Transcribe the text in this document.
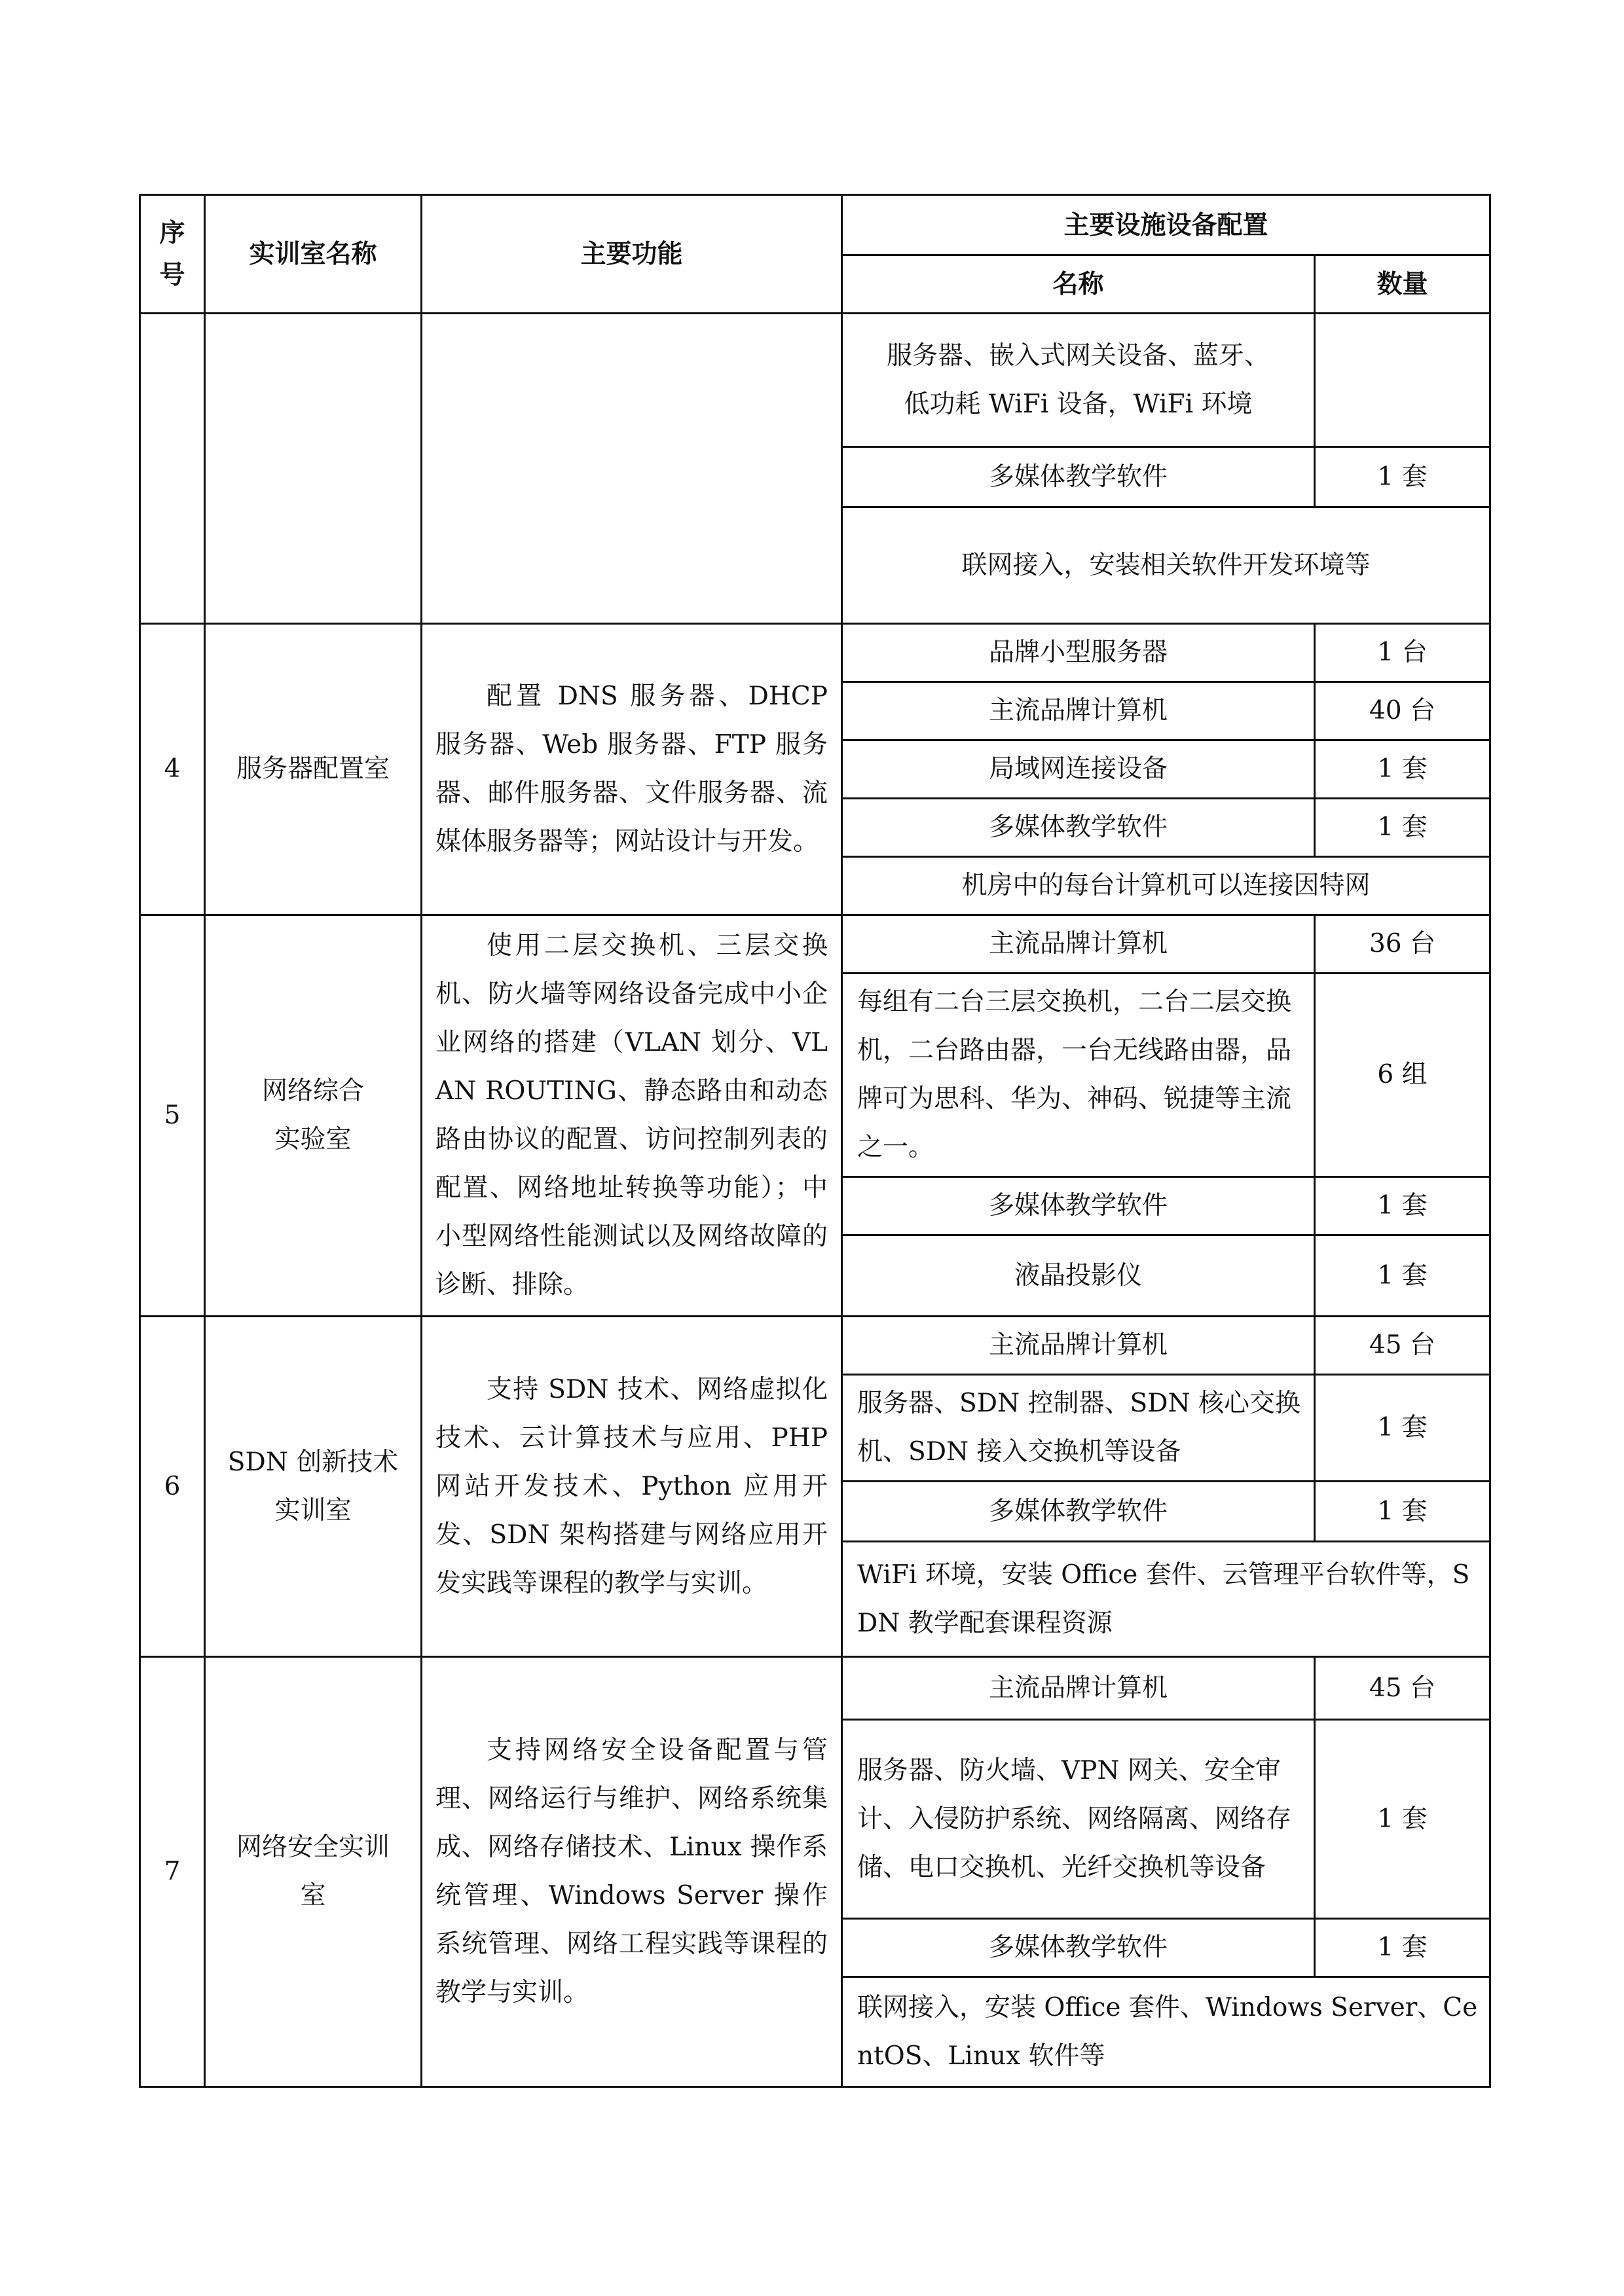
序
号	实训室名称	主要功能	主要设施设备配置	
			名称	数量

			服务器、嵌入式网关设备、蓝牙、
低功耗 WiFi 设备，WiFi 环境	

			多媒体教学软件	1 套
			联网接入，安装相关软件开发环境等	
4	服务器配置室	配置 DNS 服务器、DHCP 服务器、Web 服务器、FTP 服务器、邮件服务器、文件服务器、流媒体服务器等；网站设计与开发。	品牌小型服务器	1 台
			主流品牌计算机	40 台
			局域网连接设备	1 套
			多媒体教学软件	1 套
			机房中的每台计算机可以连接因特网	
5	网络综合
实验室	使用二层交换机、三层交换机、防火墙等网络设备完成中小企业网络的搭建（VLAN 划分、VLAN ROUTING、静态路由和动态路由协议的配置、访问控制列表的配置、网络地址转换等功能）；中小型网络性能测试以及网络故障的诊断、排除。	主流品牌计算机	36 台
			每组有二台三层交换机，二台二层交换机，二台路由器，一台无线路由器，品牌可为思科、华为、神码、锐捷等主流之一。	6 组
			多媒体教学软件	1 套
			液晶投影仪	1 套
6	SDN 创新技术
实训室	支持 SDN 技术、网络虚拟化技术、云计算技术与应用、PHP 网站开发技术、Python 应用开发、SDN 架构搭建与网络应用开发实践等课程的教学与实训。	主流品牌计算机	45 台
			服务器、SDN 控制器、SDN 核心交换机、SDN 接入交换机等设备	1 套
			多媒体教学软件	1 套
			WiFi 环境，安装 Office 套件、云管理平台软件等，SDN 教学配套课程资源	
7	网络安全实训
室	支持网络安全设备配置与管理、网络运行与维护、网络系统集成、网络存储技术、Linux 操作系统管理、Windows Server 操作系统管理、网络工程实践等课程的教学与实训。	主流品牌计算机	45 台
			服务器、防火墙、VPN 网关、安全审计、入侵防护系统、网络隔离、网络存储、电口交换机、光纤交换机等设备	1 套
			多媒体教学软件	1 套
			联网接入，安装 Office 套件、Windows Server、CentOS、Linux 软件等	
